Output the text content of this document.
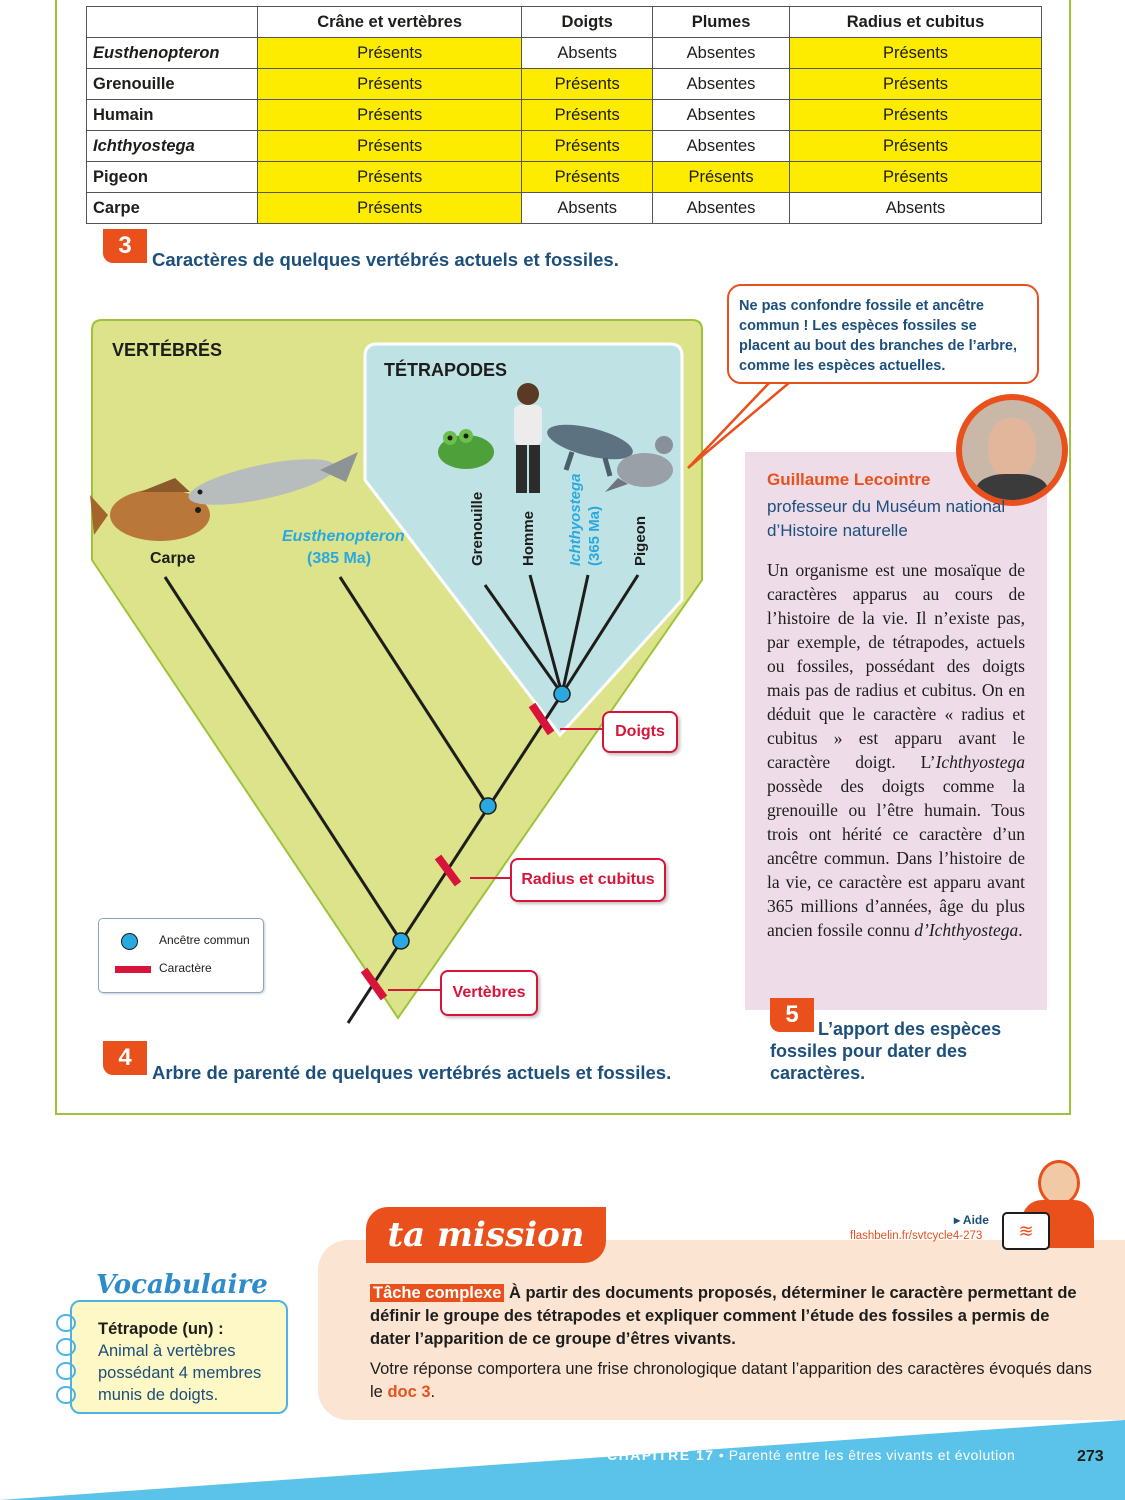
	Crâne et vertèbres	Doigts	Plumes	Radius et cubitus
Eusthenopteron	Présents	Absents	Absentes	Présents
Grenouille	Présents	Présents	Absentes	Présents
Humain	Présents	Présents	Absentes	Présents
Ichthyostega	Présents	Présents	Absentes	Présents
Pigeon	Présents	Présents	Présents	Présents
Carpe	Présents	Absents	Absentes	Absents
3
Caractères de quelques vertébrés actuels et fossiles.
VERTÉBRÉS
TÉTRAPODES
Carpe
Eusthenopteron
(385 Ma)	Grenouille Homme Ichthyostega (365 Ma) Pigeon
Doigts
Radius et cubitus
Vertèbres
Ancêtre commun
Caractère
4
Arbre de parenté de quelques vertébrés actuels et fossiles.
Ne pas confondre fossile et ancêtre commun ! Les espèces fossiles se placent au bout des branches de l’arbre, comme les espèces actuelles.
Guillaume Lecointre
professeur du Muséum national d’Histoire naturelle
Un organisme est une mosaïque de caractères apparus au cours de l’histoire de la vie. Il n’existe pas, par exemple, de tétrapodes, actuels ou fossiles, possédant des doigts mais pas de radius et cubitus. On en déduit que le caractère « radius et cubitus » est apparu avant le caractère doigt. L’Ichthyostega possède des doigts comme la grenouille ou l’être humain. Tous trois ont hérité ce caractère d’un ancêtre commun. Dans l’histoire de la vie, ce caractère est apparu avant 365 millions d’années, âge du plus ancien fossile connu d’Ichthyostega.
5
L’apport des espèces fossiles pour dater des caractères.
ta mission	▸ Aide
flashbelin.fr/svtcycle4-273	≋
Tâche complexe À partir des documents proposés, déterminer le caractère permettant de définir le groupe des tétrapodes et expliquer comment l’étude des fossiles a permis de dater l’apparition de ce groupe d’êtres vivants.
Votre réponse comportera une frise chronologique datant l’apparition des caractères évoqués dans le doc 3.
Vocabulaire
Tétrapode (un) : Animal à vertèbres possédant 4 membres munis de doigts.
CHAPITRE 17 • Parenté entre les êtres vivants et évolution	273
